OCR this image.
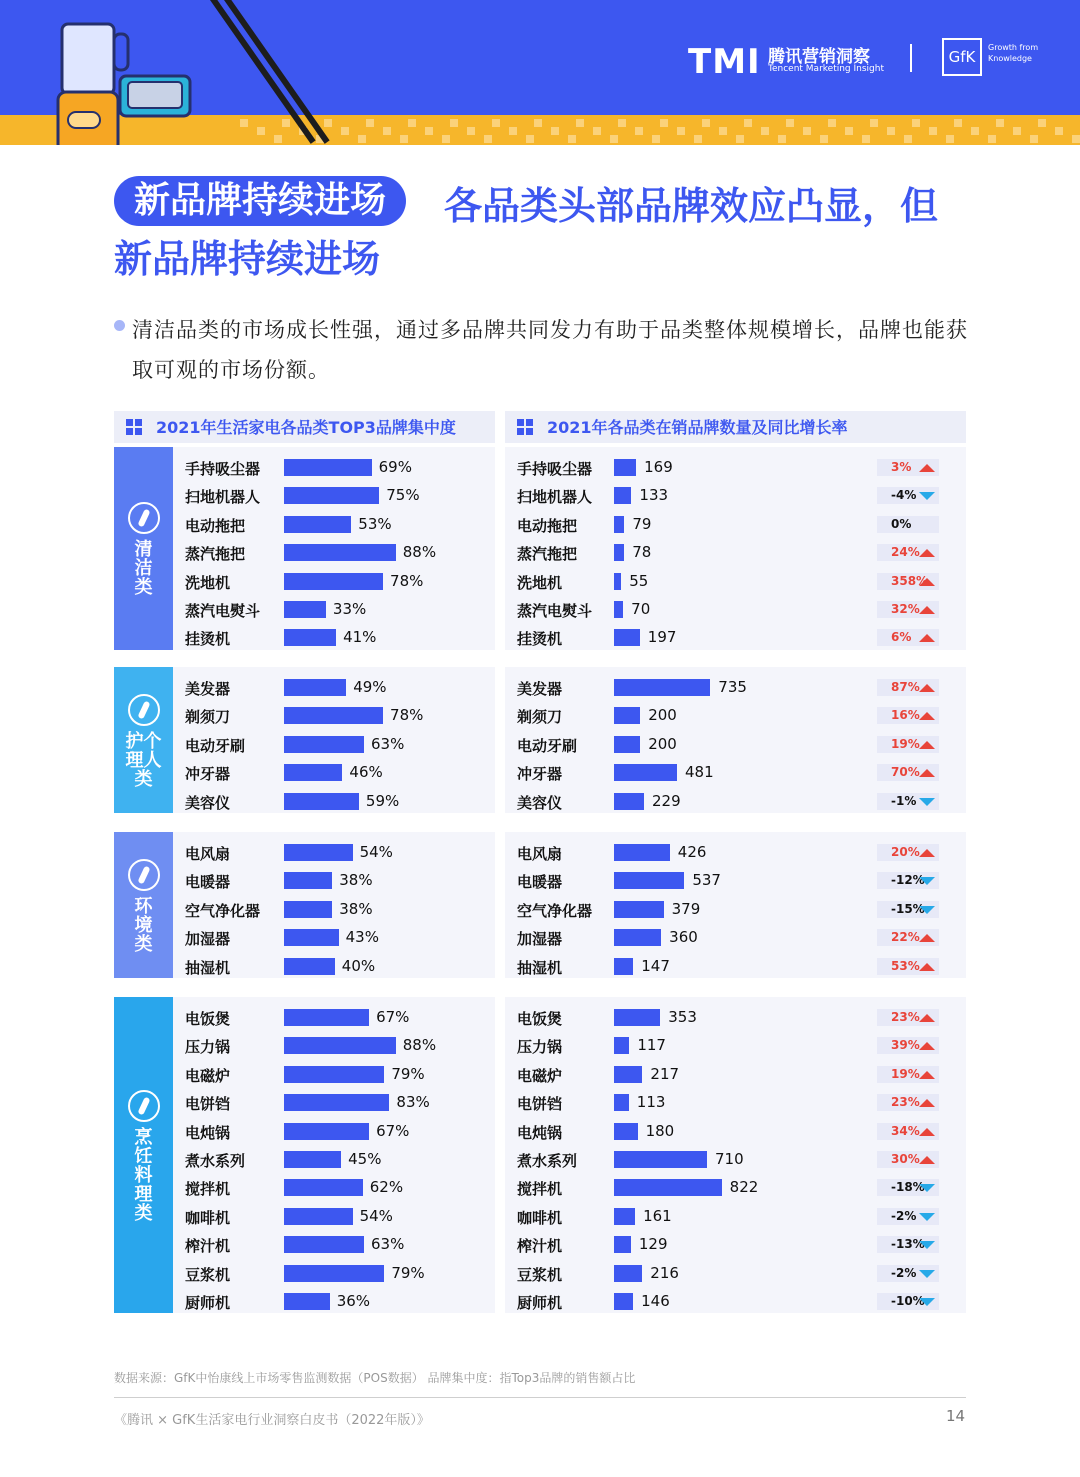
TMI 腾讯营销洞察
Tencent Marketing Insight
GfK
Growth from Knowledge
新品牌持续进场	各品类头部品牌效应凸显，但
新品牌持续进场
清洁品类的市场成长性强，通过多品牌共同发力有助于品类整体规模增长，品牌也能获取可观的市场份额。
2021年生活家电各品类TOP3品牌集中度	2021年各品类在销品牌数量及同比增长率
清
洁
类
手持吸尘器	69%	手持吸尘器	169	3%
扫地机器人	75%	扫地机器人	133	-4%
电动拖把	53%	电动拖把	79	0%
蒸汽拖把	88%	蒸汽拖把	78	24%
洗地机	78%	洗地机	55	358%
蒸汽电熨斗	33%	蒸汽电熨斗	70	32%
挂烫机	41%	挂烫机	197	6%
护个
理人
类
美发器	49%	美发器	735	87%
剃须刀	78%	剃须刀	200	16%
电动牙刷	63%	电动牙刷	200	19%
冲牙器	46%	冲牙器	481	70%
美容仪	59%	美容仪	229	-1%
环
境
类
电风扇	54%	电风扇	426	20%
电暖器	38%	电暖器	537	-12%
空气净化器	38%	空气净化器	379	-15%
加湿器	43%	加湿器	360	22%
抽湿机	40%	抽湿机	147	53%
烹
饪
料
理
类
电饭煲	67%	电饭煲	353	23%
压力锅	88%	压力锅	117	39%
电磁炉	79%	电磁炉	217	19%
电饼铛	83%	电饼铛	113	23%
电炖锅	67%	电炖锅	180	34%
煮水系列	45%	煮水系列	710	30%
搅拌机	62%	搅拌机	822	-18%
咖啡机	54%	咖啡机	161	-2%
榨汁机	63%	榨汁机	129	-13%
豆浆机	79%	豆浆机	216	-2%
厨师机	36%	厨师机	146	-10%
数据来源：GfK中怡康线上市场零售监测数据（POS数据） 品牌集中度：指Top3品牌的销售额占比
《腾讯 × GfK生活家电行业洞察白皮书（2022年版）》	14
